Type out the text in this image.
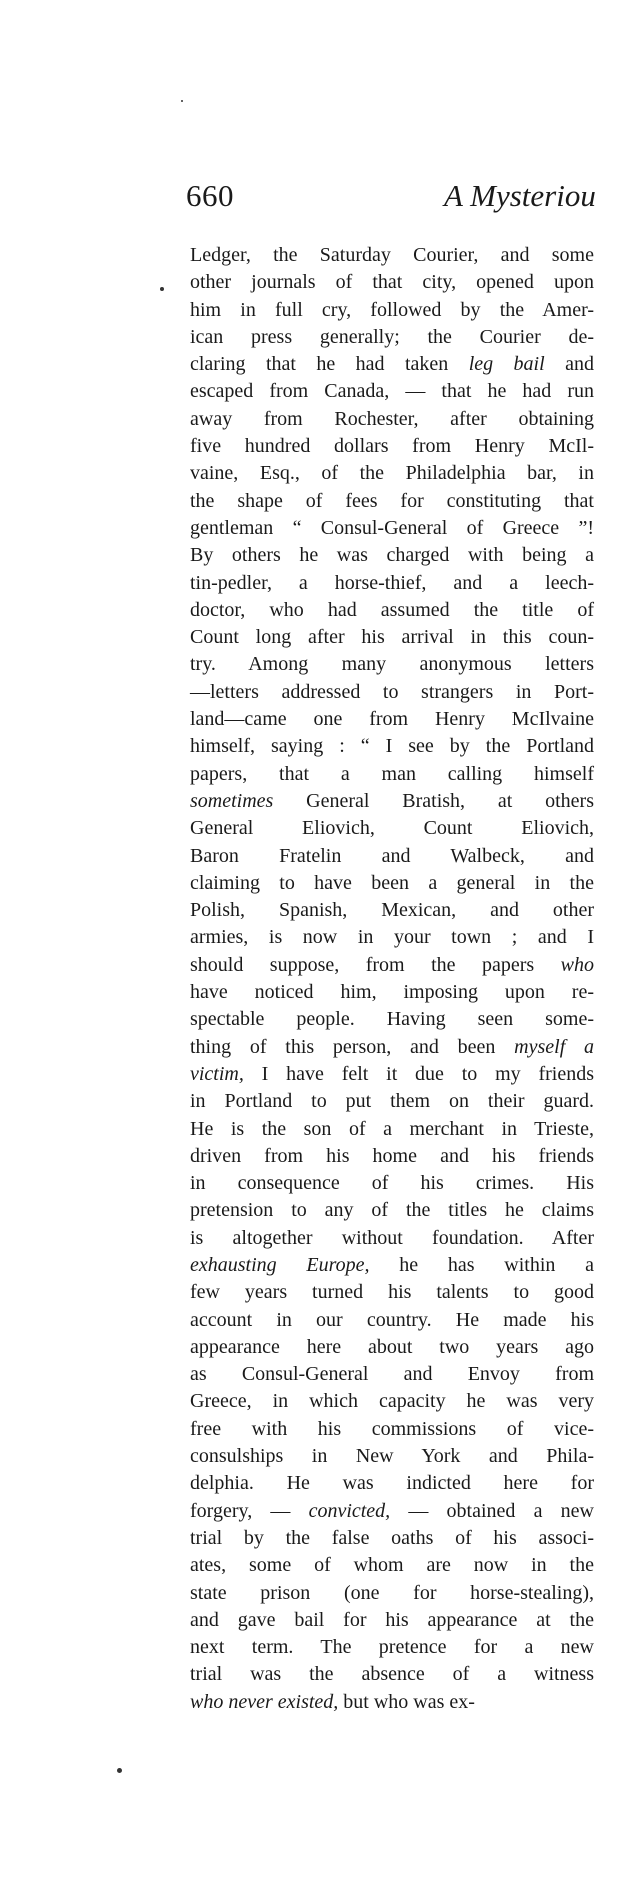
660	A Mysteriou
Ledger, the Saturday Courier, and some
other journals of that city, opened upon
him in full cry, followed by the Amer-
ican press generally; the Courier de-
claring that he had taken leg bail and
escaped from Canada, — that he had run
away from Rochester, after obtaining
five hundred dollars from Henry McIl-
vaine, Esq., of the Philadelphia bar, in
the shape of fees for constituting that
gentleman “ Consul-General of Greece ”!
By others he was charged with being a
tin-pedler, a horse-thief, and a leech-
doctor, who had assumed the title of
Count long after his arrival in this coun-
try. Among many anonymous letters
—letters addressed to strangers in Port-
land—came one from Henry McIlvaine
himself, saying : “ I see by the Portland
papers, that a man calling himself
sometimes General Bratish, at others
General Eliovich, Count Eliovich,
Baron Fratelin and Walbeck, and
claiming to have been a general in the
Polish, Spanish, Mexican, and other
armies, is now in your town ; and I
should suppose, from the papers who
have noticed him, imposing upon re-
spectable people. Having seen some-
thing of this person, and been myself a
victim, I have felt it due to my friends
in Portland to put them on their guard.
He is the son of a merchant in Trieste,
driven from his home and his friends
in consequence of his crimes. His
pretension to any of the titles he claims
is altogether without foundation. After
exhausting Europe, he has within a
few years turned his talents to good
account in our country. He made his
appearance here about two years ago
as Consul-General and Envoy from
Greece, in which capacity he was very
free with his commissions of vice-
consulships in New York and Phila-
delphia. He was indicted here for
forgery, — convicted, — obtained a new
trial by the false oaths of his associ-
ates, some of whom are now in the
state prison (one for horse-stealing),
and gave bail for his appearance at the
next term. The pretence for a new
trial was the absence of a witness
who never existed, but who was ex-
